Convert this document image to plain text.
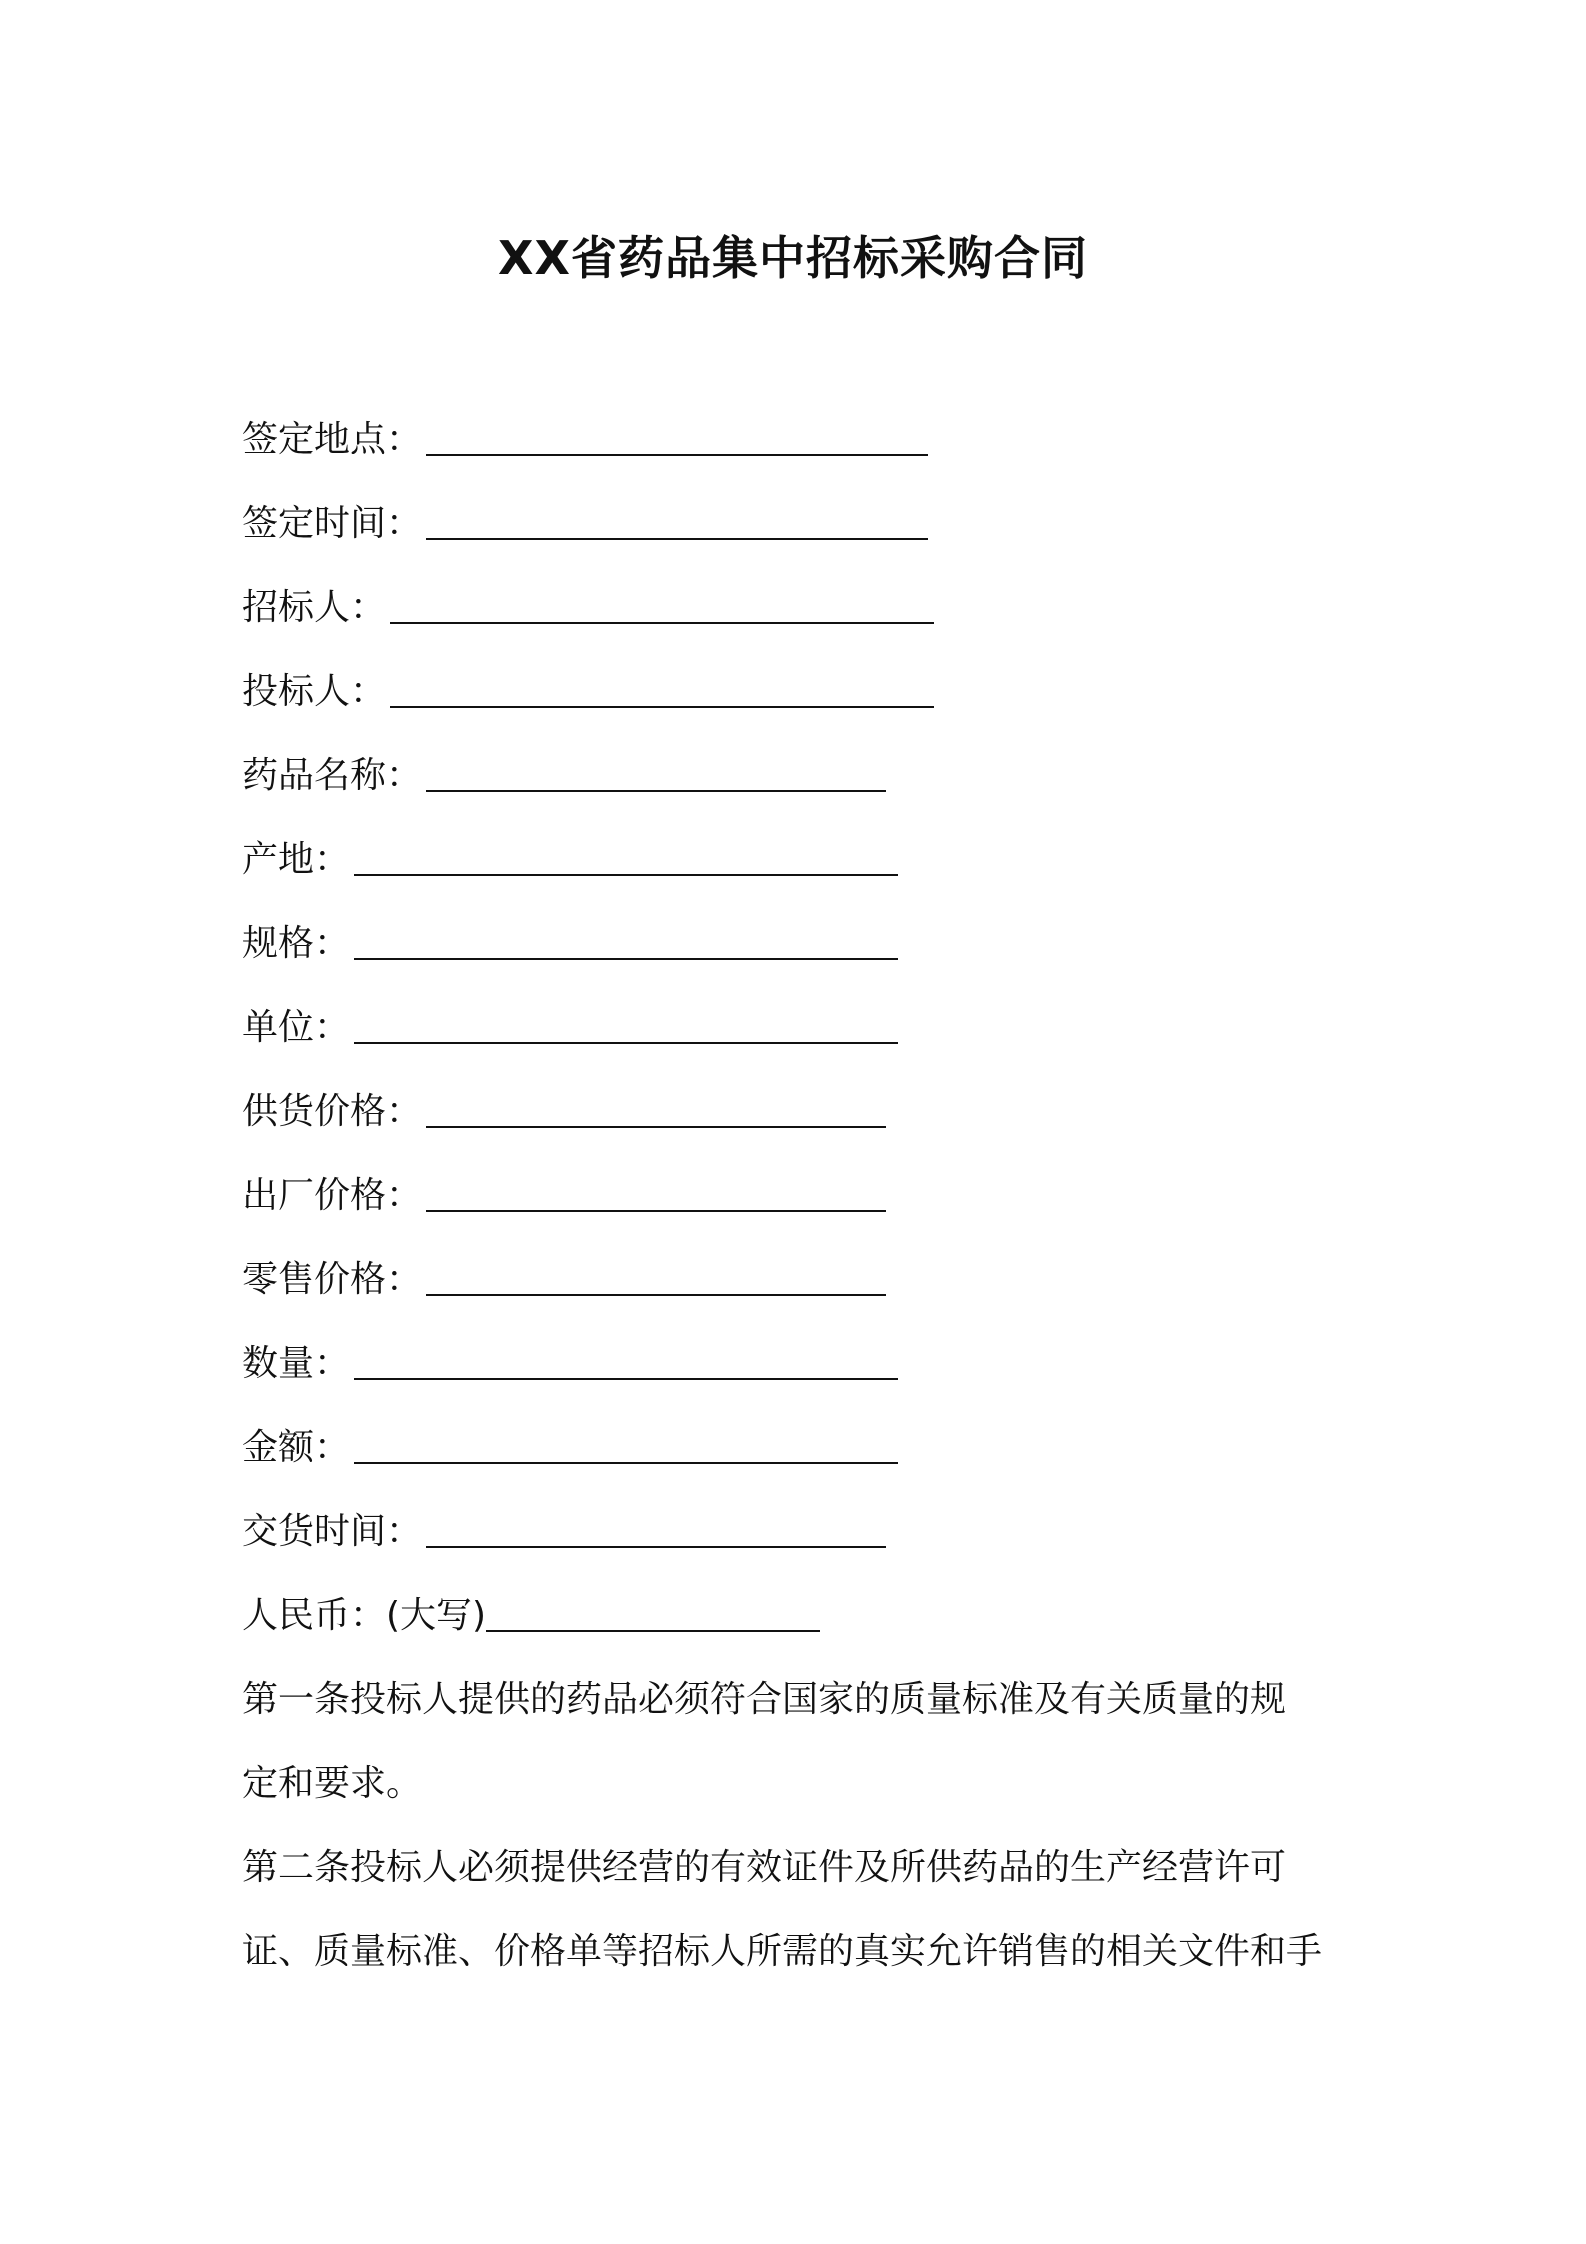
XX省药品集中招标采购合同
签定地点：
签定时间：
招标人：
投标人：
药品名称：
产地：
规格：
单位：
供货价格：
出厂价格：
零售价格：
数量：
金额：
交货时间：
人民币：(大写)
第一条投标人提供的药品必须符合国家的质量标准及有关质量的规
定和要求。
第二条投标人必须提供经营的有效证件及所供药品的生产经营许可
证、质量标准、价格单等招标人所需的真实允许销售的相关文件和手
